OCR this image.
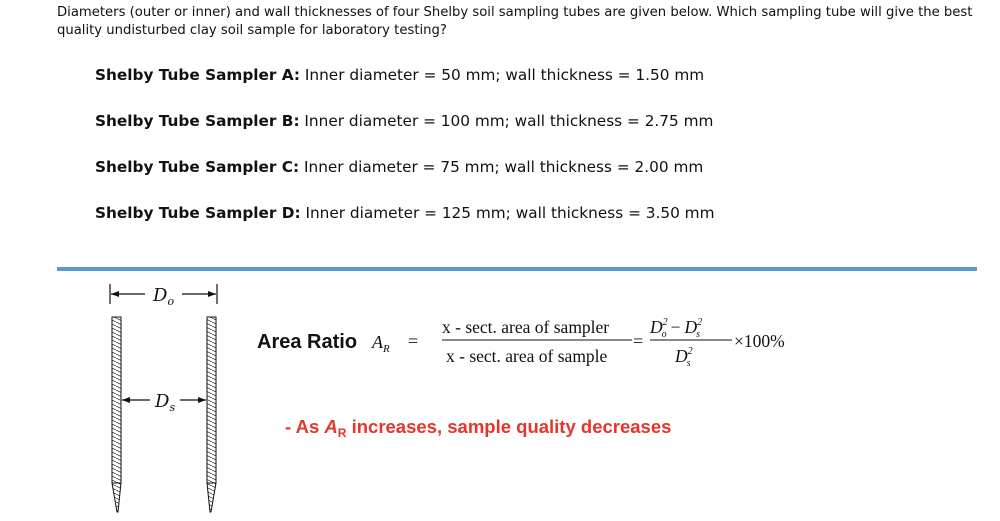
Diameters (outer or inner) and wall thicknesses of four Shelby soil sampling tubes are given below. Which sampling tube will give the best quality undisturbed clay soil sample for laboratory testing?
Shelby Tube Sampler A: Inner diameter = 50 mm; wall thickness = 1.50 mm
Shelby Tube Sampler B: Inner diameter = 100 mm; wall thickness = 2.75 mm
Shelby Tube Sampler C: Inner diameter = 75 mm; wall thickness = 2.00 mm
Shelby Tube Sampler D: Inner diameter = 125 mm; wall thickness = 3.50 mm
$D_o$
$D_s$
Area Ratio $A_R$ =
x - sect. area of sampler
x - sect. area of sample
=
$D^2$ $o - D^2$ s
$D^2$ s
×100%
- As $A_R$ increases, sample quality decreases
